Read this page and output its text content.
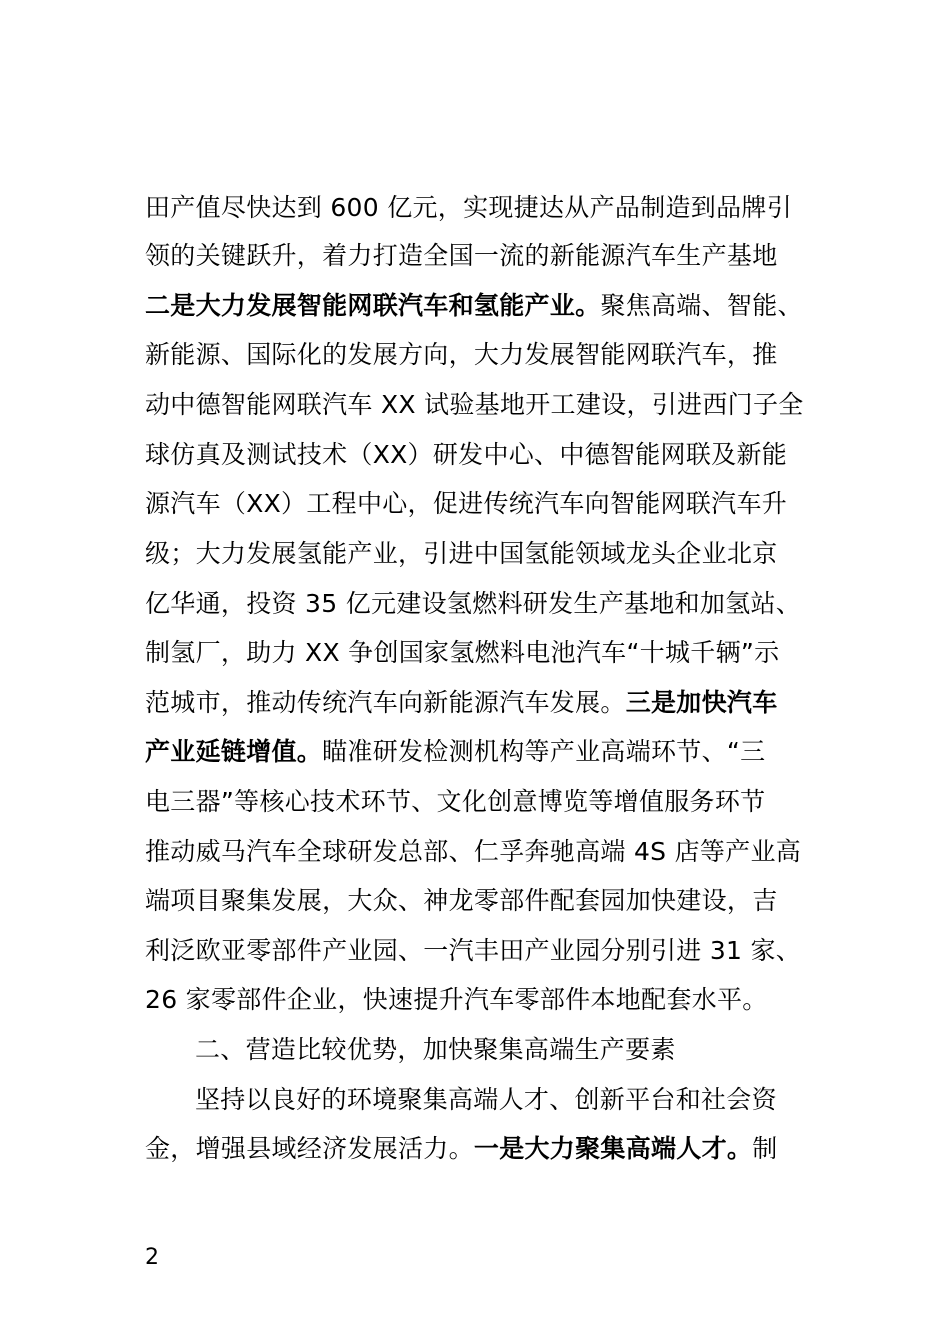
田产值尽快达到 600 亿元，实现捷达从产品制造到品牌引
领的关键跃升，着力打造全国一流的新能源汽车生产基地
二是大力发展智能网联汽车和氢能产业。聚焦高端、智能、
新能源、国际化的发展方向，大力发展智能网联汽车，推
动中德智能网联汽车 XX 试验基地开工建设，引进西门子全
球仿真及测试技术（XX）研发中心、中德智能网联及新能
源汽车（XX）工程中心，促进传统汽车向智能网联汽车升
级；大力发展氢能产业，引进中国氢能领域龙头企业北京
亿华通，投资 35 亿元建设氢燃料研发生产基地和加氢站、
制氢厂，助力 XX 争创国家氢燃料电池汽车“十城千辆”示
范城市，推动传统汽车向新能源汽车发展。三是加快汽车
产业延链增值。瞄准研发检测机构等产业高端环节、“三
电三器”等核心技术环节、文化创意博览等增值服务环节
推动威马汽车全球研发总部、仁孚奔驰高端 4S 店等产业高
端项目聚集发展，大众、神龙零部件配套园加快建设，吉
利泛欧亚零部件产业园、一汽丰田产业园分别引进 31 家、
26 家零部件企业，快速提升汽车零部件本地配套水平。
二、营造比较优势，加快聚集高端生产要素
坚持以良好的环境聚集高端人才、创新平台和社会资
金，增强县域经济发展活力。一是大力聚集高端人才。制
2
